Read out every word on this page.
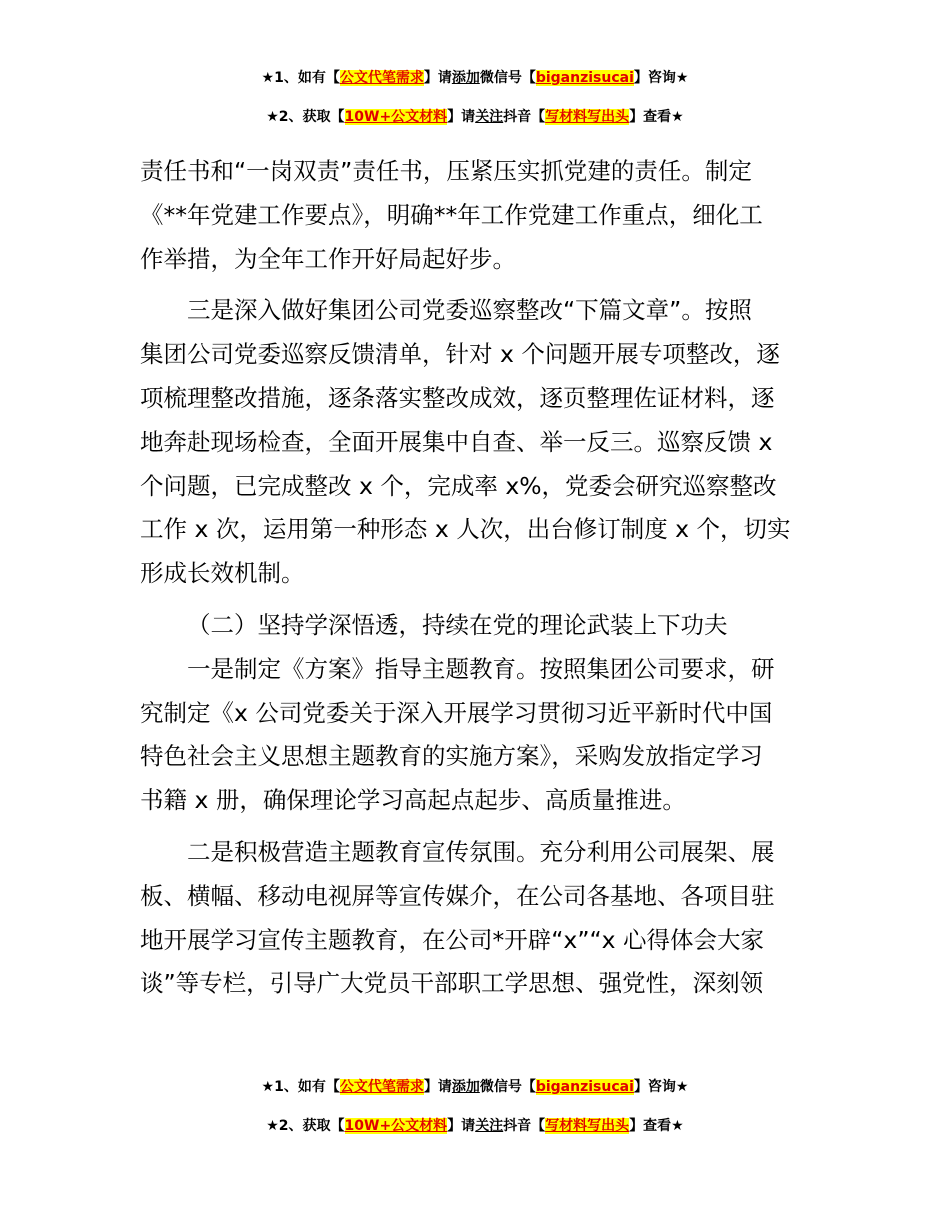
★1、如有【公文代笔需求】请添加微信号【biganzisucai】咨询★
★2、获取【10W+公文材料】请关注抖音【写材料写出头】查看★

责任书和“一岗双责”责任书，压紧压实抓党建的责任。制定
《**年党建工作要点》，明确**年工作党建工作重点，细化工
作举措，为全年工作开好局起好步。

三是深入做好集团公司党委巡察整改“下篇文章”。按照
集团公司党委巡察反馈清单，针对 x 个问题开展专项整改，逐
项梳理整改措施，逐条落实整改成效，逐页整理佐证材料，逐
地奔赴现场检查，全面开展集中自查、举一反三。巡察反馈 x
个问题，已完成整改 x 个，完成率 x%，党委会研究巡察整改
工作 x 次，运用第一种形态 x 人次，出台修订制度 x 个，切实
形成长效机制。

（二）坚持学深悟透，持续在党的理论武装上下功夫

一是制定《方案》指导主题教育。按照集团公司要求，研
究制定《x 公司党委关于深入开展学习贯彻习近平新时代中国
特色社会主义思想主题教育的实施方案》，采购发放指定学习
书籍 x 册，确保理论学习高起点起步、高质量推进。

二是积极营造主题教育宣传氛围。充分利用公司展架、展
板、横幅、移动电视屏等宣传媒介，在公司各基地、各项目驻
地开展学习宣传主题教育，在公司*开辟“x”“x 心得体会大家
谈”等专栏，引导广大党员干部职工学思想、强党性，深刻领

★1、如有【公文代笔需求】请添加微信号【biganzisucai】咨询★
★2、获取【10W+公文材料】请关注抖音【写材料写出头】查看★
